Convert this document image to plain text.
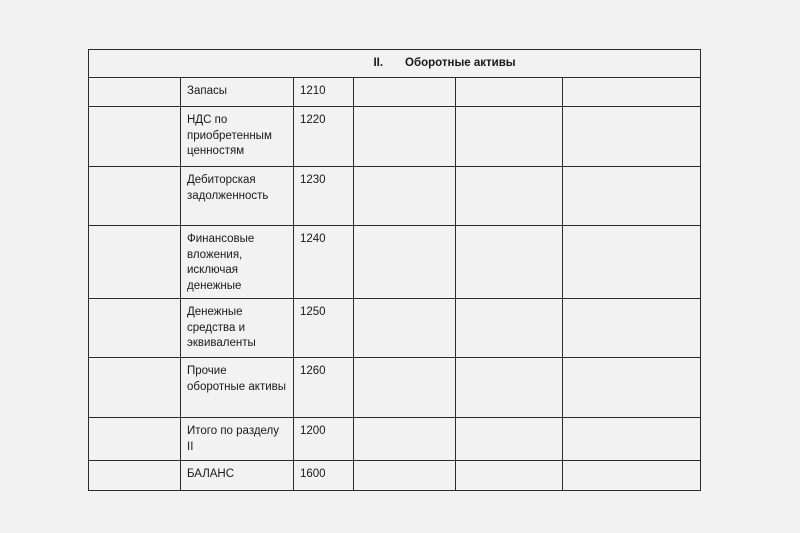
II. Оборотные активы					

	Запасы	1210			

	НДС по приобретенным ценностям	1220			

	Дебиторская задолженность	1230			

	Финансовые вложения, исключая денежные	1240			

	Денежные средства и эквиваленты	1250			

	Прочие оборотные активы	1260			

	Итого по разделу II	1200			

	БАЛАНС	1600			
